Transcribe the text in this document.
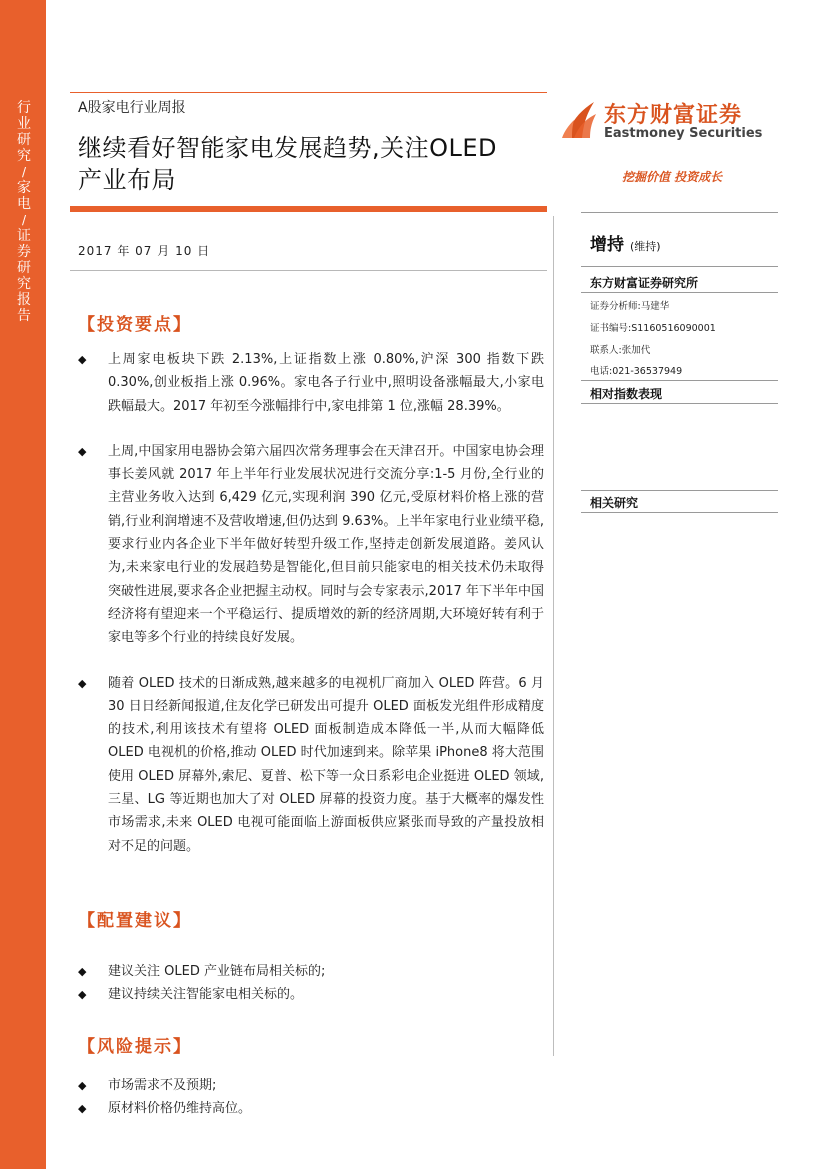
行
业
研
究
/
家
电
/
证
券
研
究
报
告
A股家电行业周报
继续看好智能家电发展趋势,关注OLED
产业布局
2017 年 07 月 10 日
【投资要点】
◆ 上周家电板块下跌 2.13%,上证指数上涨 0.80%,沪深 300 指数下跌 0.30%,创业板指上涨 0.96%。家电各子行业中,照明设备涨幅最大,小家电跌幅最大。2017 年初至今涨幅排行中,家电排第 1 位,涨幅 28.39%。
◆ 上周,中国家用电器协会第六届四次常务理事会在天津召开。中国家电协会理事长姜风就 2017 年上半年行业发展状况进行交流分享:1-5 月份,全行业的主营业务收入达到 6,429 亿元,实现利润 390 亿元,受原材料价格上涨的营销,行业利润增速不及营收增速,但仍达到 9.63%。上半年家电行业业绩平稳,要求行业内各企业下半年做好转型升级工作,坚持走创新发展道路。姜风认为,未来家电行业的发展趋势是智能化,但目前只能家电的相关技术仍未取得突破性进展,要求各企业把握主动权。同时与会专家表示,2017 年下半年中国经济将有望迎来一个平稳运行、提质增效的新的经济周期,大环境好转有利于家电等多个行业的持续良好发展。
◆ 随着 OLED 技术的日渐成熟,越来越多的电视机厂商加入 OLED 阵营。6 月 30 日日经新闻报道,住友化学已研发出可提升 OLED 面板发光组件形成精度的技术,利用该技术有望将 OLED 面板制造成本降低一半,从而大幅降低 OLED 电视机的价格,推动 OLED 时代加速到来。除苹果 iPhone8 将大范围使用 OLED 屏幕外,索尼、夏普、松下等一众日系彩电企业挺进 OLED 领域,三星、LG 等近期也加大了对 OLED 屏幕的投资力度。基于大概率的爆发性市场需求,未来 OLED 电视可能面临上游面板供应紧张而导致的产量投放相对不足的问题。
【配置建议】
◆ 建议关注 OLED 产业链布局相关标的;
◆ 建议持续关注智能家电相关标的。
【风险提示】
◆ 市场需求不及预期;
◆ 原材料价格仍维持高位。
东方财富证券
Eastmoney Securities
挖掘价值 投资成长
增持 (维持)
东方财富证券研究所
证券分析师:马建华
证书编号:S1160516090001
联系人:张加代
电话:021-36537949
相对指数表现
相关研究
